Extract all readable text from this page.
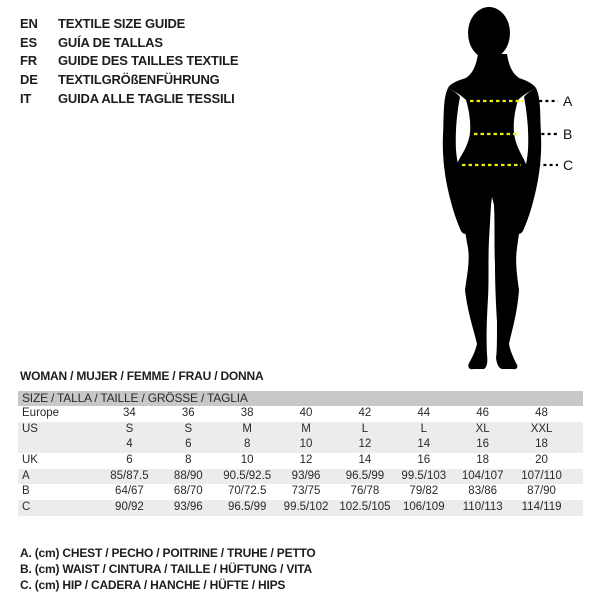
EN	TEXTILE SIZE GUIDE
ES	GUÍA DE TALLAS
FR	GUIDE DES TAILLES TEXTILE
DE	TEXTILGRÖßENFÜHRUNG
IT	GUIDA ALLE TAGLIE TESSILI	A
B
C
WOMAN / MUJER / FEMME / FRAU / DONNA
SIZE / TALLA / TAILLE / GRÖSSE / TAGLIA
Europe	34	36	38	40	42	44	46	48
US	S	S	M	M	L	L	XL	XXL
4	6	8	10	12	14	16	18
UK	6	8	10	12	14	16	18	20
A	85/87.5	88/90	90.5/92.5	93/96	96.5/99	99.5/103	104/107	107/110
B	64/67	68/70	70/72.5	73/75	76/78	79/82	83/86	87/90
C	90/92	93/96	96.5/99	99.5/102 102.5/105	106/109	110/113	114/119
A. (cm) CHEST / PECHO / POITRINE / TRUHE / PETTO
B. (cm) WAIST / CINTURA / TAILLE / HÜFTUNG / VITA
C. (cm) HIP / CADERA / HANCHE / HÜFTE / HIPS
